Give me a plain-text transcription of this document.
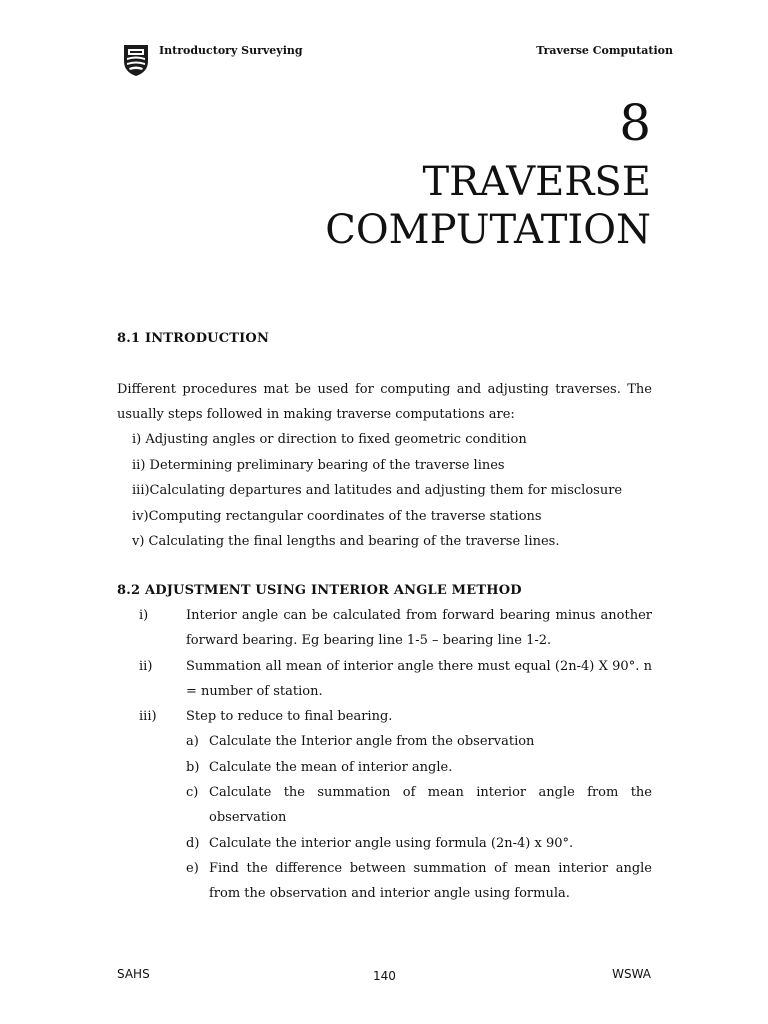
Introductory Surveying	Traverse Computation
8
TRAVERSE
COMPUTATION
8.1 INTRODUCTION
Different procedures mat be used for computing and adjusting traverses. The usually steps followed in making traverse computations are:
i) Adjusting angles or direction to fixed geometric condition
ii) Determining preliminary bearing of the traverse lines
iii)Calculating departures and latitudes and adjusting them for misclosure
iv)Computing rectangular coordinates of the traverse stations
v) Calculating the final lengths and bearing of the traverse lines.
8.2 ADJUSTMENT USING INTERIOR ANGLE METHOD
i)	Interior angle can be calculated from forward bearing minus another forward bearing. Eg bearing line 1-5 – bearing line 1-2.
ii)	Summation all mean of interior angle there must equal (2n-4) X 90°. n = number of station.
iii) Step to reduce to final bearing.
a) Calculate the Interior angle from the observation
b) Calculate the mean of interior angle.
c) Calculate the summation of mean interior angle from the observation
d) Calculate the interior angle using formula (2n-4) x 90°.
e) Find the difference between summation of mean interior angle from the observation and interior angle using formula.
SAHS	140	WSWA
